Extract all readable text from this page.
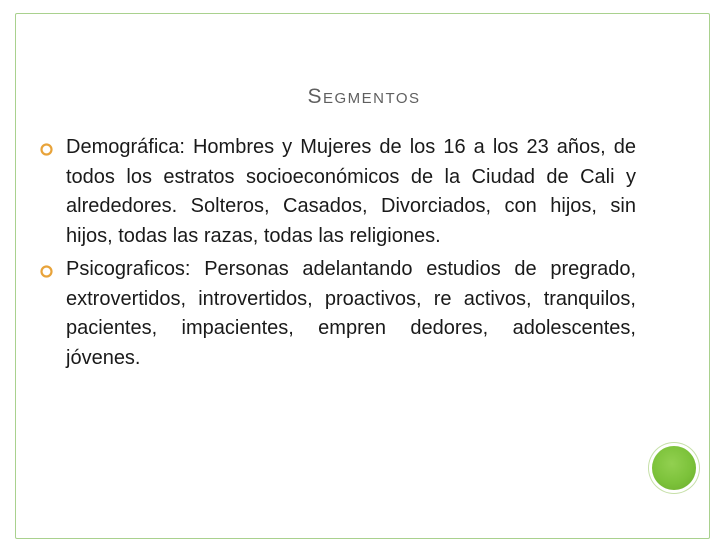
Segmentos
Demográfica: Hombres y Mujeres de los 16 a los 23 años, de todos los estratos socioeconómicos de la Ciudad de Cali y alrededores. Solteros, Casados, Divorciados, con hijos, sin hijos, todas las razas, todas las religiones.
Psicograficos: Personas adelantando estudios de pregrado, extrovertidos, introvertidos, proactivos, re activos, tranquilos, pacientes, impacientes, empren dedores, adolescentes, jóvenes.
